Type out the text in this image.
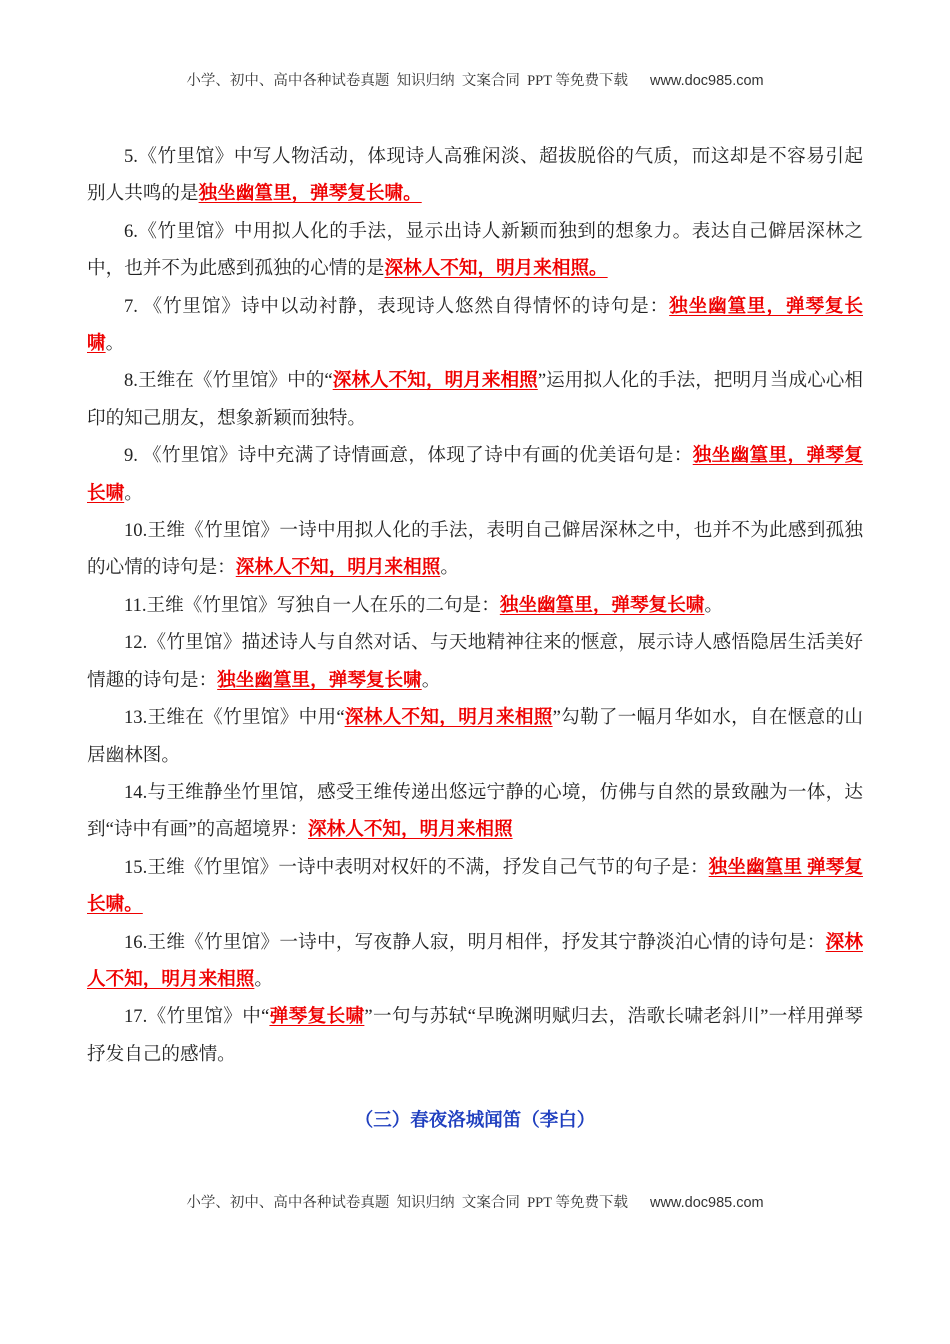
小学、初中、高中各种试卷真题  知识归纳  文案合同  PPT 等免费下载 www.doc985.com

5.《竹里馆》中写人物活动，体现诗人高雅闲淡、超拔脱俗的气质，而这却是不容易引起别人共鸣的是独坐幽篁里，弹琴复长啸。

6.《竹里馆》中用拟人化的手法，显示出诗人新颖而独到的想象力。表达自己僻居深林之中，也并不为此感到孤独的心情的是深林人不知，明月来相照。

7. 《竹里馆》诗中以动衬静，表现诗人悠然自得情怀的诗句是：独坐幽篁里，弹琴复长啸。

8.王维在《竹里馆》中的“深林人不知，明月来相照”运用拟人化的手法，把明月当成心心相印的知己朋友，想象新颖而独特。

9. 《竹里馆》诗中充满了诗情画意，体现了诗中有画的优美语句是：独坐幽篁里，弹琴复长啸。

10.王维《竹里馆》一诗中用拟人化的手法，表明自己僻居深林之中，也并不为此感到孤独的心情的诗句是：深林人不知，明月来相照。

11.王维《竹里馆》写独自一人在乐的二句是：独坐幽篁里，弹琴复长啸。

12.《竹里馆》描述诗人与自然对话、与天地精神往来的惬意，展示诗人感悟隐居生活美好情趣的诗句是：独坐幽篁里，弹琴复长啸。

13.王维在《竹里馆》中用“深林人不知，明月来相照”勾勒了一幅月华如水，自在惬意的山居幽林图。

14.与王维静坐竹里馆，感受王维传递出悠远宁静的心境，仿佛与自然的景致融为一体，达到“诗中有画”的高超境界：深林人不知，明月来相照

15.王维《竹里馆》一诗中表明对权奸的不满，抒发自己气节的句子是：独坐幽篁里 弹琴复长啸。

16.王维《竹里馆》一诗中，写夜静人寂，明月相伴，抒发其宁静淡泊心情的诗句是：深林人不知，明月来相照。

17.《竹里馆》中“弹琴复长啸”一句与苏轼“早晚渊明赋归去，浩歌长啸老斜川”一样用弹琴抒发自己的感情。

（三）春夜洛城闻笛（李白）
小学、初中、高中各种试卷真题  知识归纳  文案合同  PPT 等免费下载 www.doc985.com
